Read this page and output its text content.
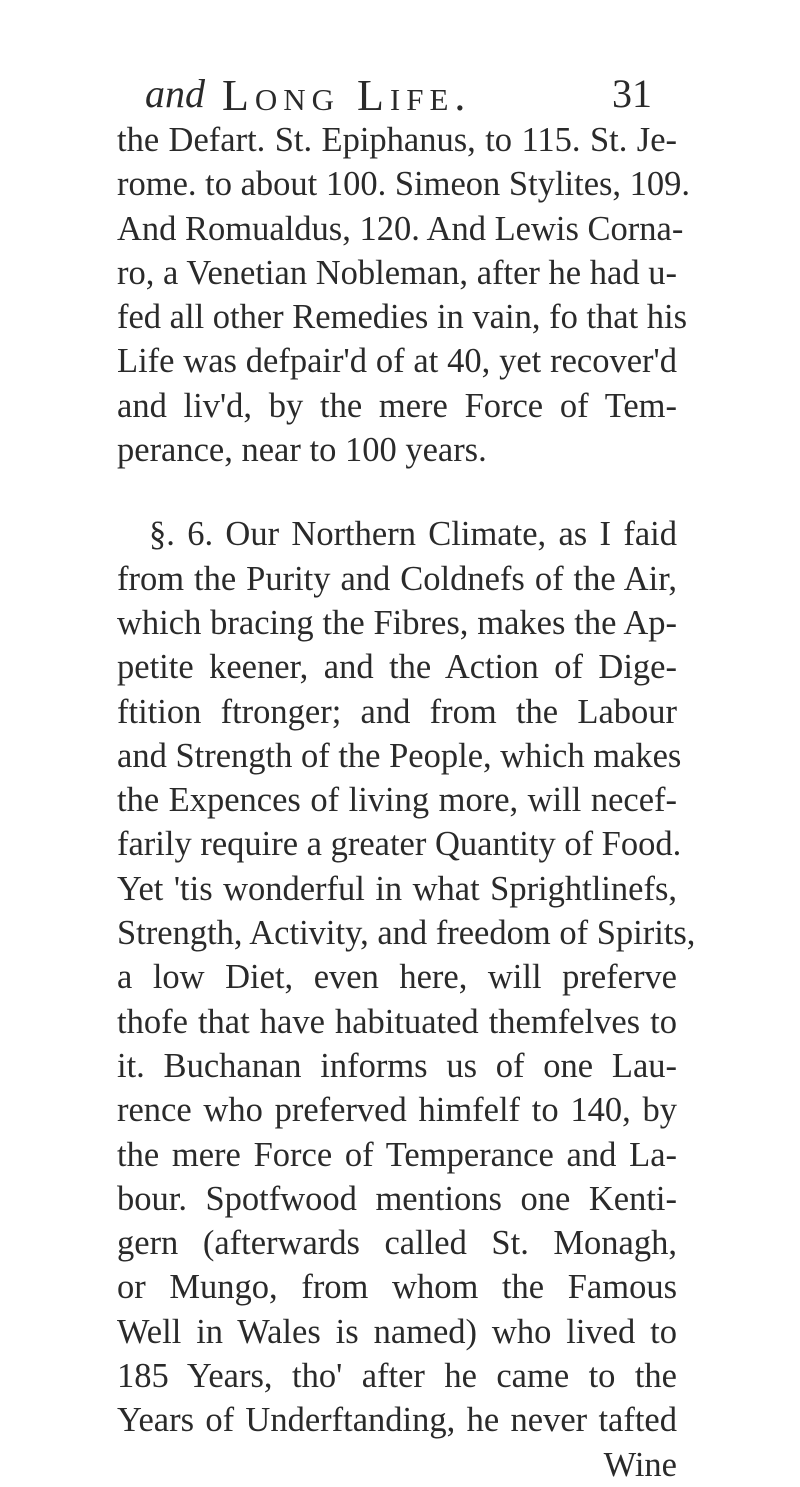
and Long Life.	31
the Defart. St. Epiphanus, to 115. St. Je-
rome. to about 100. Simeon Stylites, 109.
And Romualdus, 120. And Lewis Corna-
ro, a Venetian Nobleman, after he had u-
fed all other Remedies in vain, fo that his
Life was defpair'd of at 40, yet recover'd
and liv'd, by the mere Force of Tem-
perance, near to 100 years.
§. 6. Our Northern Climate, as I faid
from the Purity and Coldnefs of the Air,
which bracing the Fibres, makes the Ap-
petite keener, and the Action of Dige-
ftition ftronger; and from the Labour
and Strength of the People, which makes
the Expences of living more, will necef-
farily require a greater Quantity of Food.
Yet 'tis wonderful in what Sprightlinefs,
Strength, Activity, and freedom of Spirits,
a low Diet, even here, will preferve
thofe that have habituated themfelves to
it. Buchanan informs us of one Lau-
rence who preferved himfelf to 140, by
the mere Force of Temperance and La-
bour. Spotfwood mentions one Kenti-
gern (afterwards called St. Monagh,
or Mungo, from whom the Famous
Well in Wales is named) who lived to
185 Years, tho' after he came to the
Years of Underftanding, he never tafted
Wine
